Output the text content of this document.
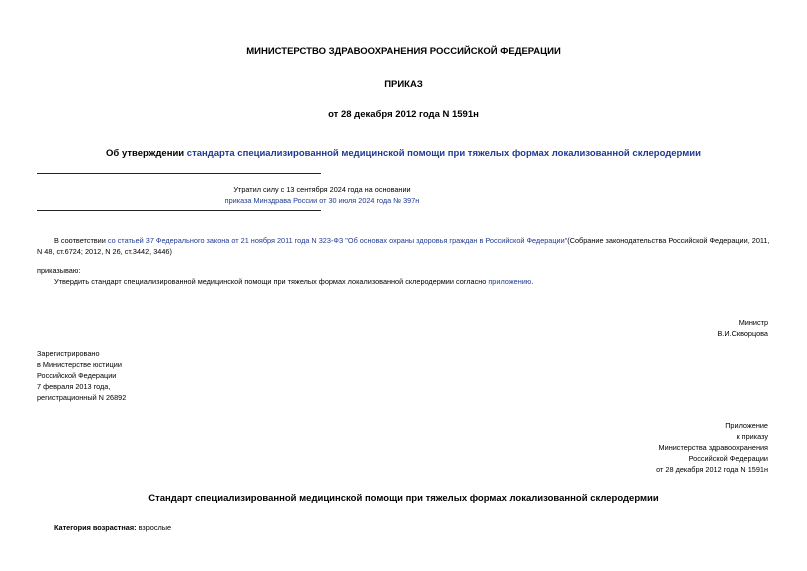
МИНИСТЕРСТВО ЗДРАВООХРАНЕНИЯ РОССИЙСКОЙ ФЕДЕРАЦИИ

ПРИКАЗ

от 28 декабря 2012 года N 1591н

Об утверждении стандарта специализированной медицинской помощи при тяжелых формах локализованной склеродермии

Утратил силу с 13 сентября 2024 года на основании

приказа Минздрава России от 30 июля 2024 года № 397н

В соответствии со статьей 37 Федерального закона от 21 ноября 2011 года N 323-ФЗ "Об основах охраны здоровья граждан в Российской Федерации"(Собрание законодательства Российской Федерации, 2011,

N 48, ст.6724; 2012, N 26, ст.3442, 3446)

приказываю:

Утвердить стандарт специализированной медицинской помощи при тяжелых формах локализованной склеродермии согласно приложению.

Министр

В.И.Скворцова

Зарегистрировано
в Министерстве юстиции
Российской Федерации
7 февраля 2013 года,
регистрационный N 26892
Приложение
к приказу
Министерства здравоохранения
Российской Федерации
от 28 декабря 2012 года N 1591н

Стандарт специализированной медицинской помощи при тяжелых формах локализованной склеродермии

Категория возрастная: взрослые
